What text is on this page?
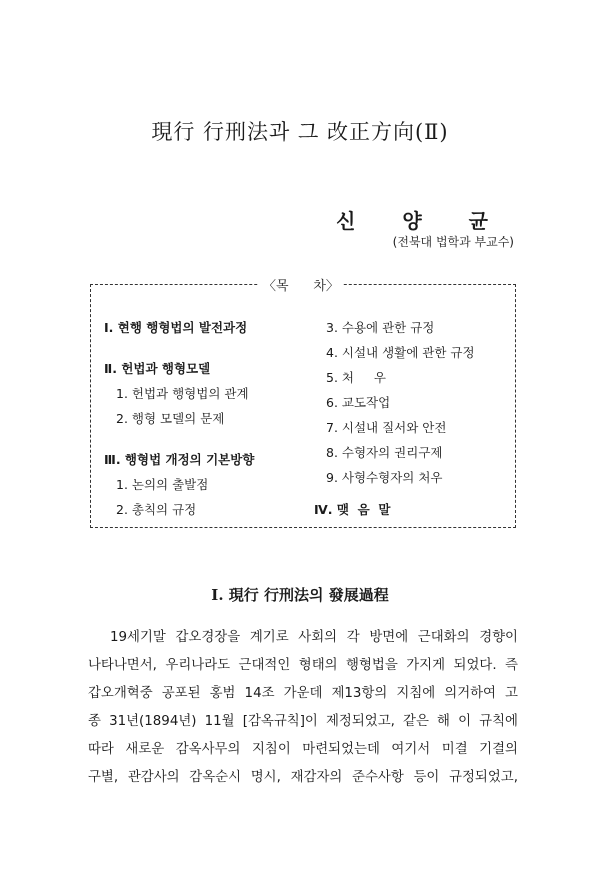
現行 行刑法과 그 改正方向(Ⅱ)
신 양 균
(전북대 법학과 부교수)
〈목      차〉
Ⅰ. 현행 행형법의 발전과정
Ⅱ. 헌법과 행형모델
1. 헌법과 행형법의 관계
2. 행형 모델의 문제
Ⅲ. 행형법 개정의 기본방향
1. 논의의 출발점
2. 총칙의 규정
3. 수용에 관한 규정
4. 시설내 생활에 관한 규정
5. 처     우
6. 교도작업
7. 시설내 질서와 안전
8. 수형자의 권리구제
9. 사형수형자의 처우
Ⅳ. 맺  음  말
Ⅰ. 現行 行刑法의 發展過程
19세기말 갑오경장을 계기로 사회의 각 방면에 근대화의 경향이
나타나면서, 우리나라도 근대적인 형태의 행형법을 가지게 되었다. 즉
갑오개혁중 공포된 홍범 14조 가운데 제13항의 지침에 의거하여 고
종 31년(1894년) 11월 [감옥규칙]이 제정되었고, 같은 해 이 규칙에
따라 새로운 감옥사무의 지침이 마련되었는데 여기서 미결 기결의
구별, 관감사의 감옥순시 명시, 재감자의 준수사항 등이 규정되었고,
